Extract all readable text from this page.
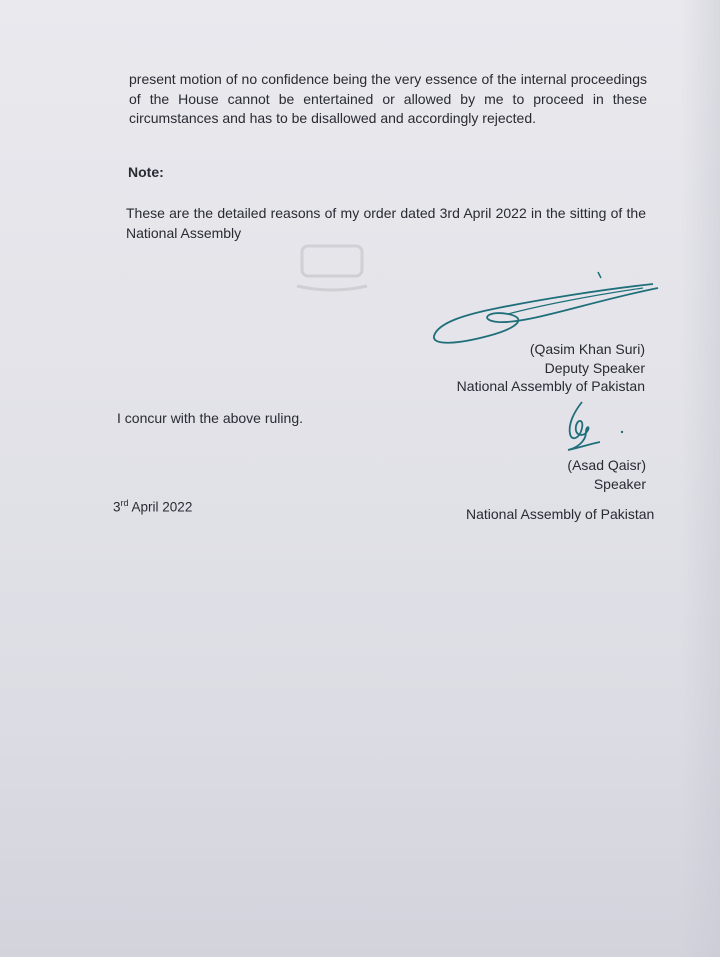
present motion of no confidence being the very essence of the internal proceedings of the House cannot be entertained or allowed by me to proceed in these circumstances and has to be disallowed and accordingly rejected.
Note:
These are the detailed reasons of my order dated 3rd April 2022 in the sitting of the National Assembly
(Qasim Khan Suri)
Deputy Speaker
National Assembly of Pakistan
I concur with the above ruling.
(Asad Qaisr)
Speaker
3rd April 2022	National Assembly of Pakistan
